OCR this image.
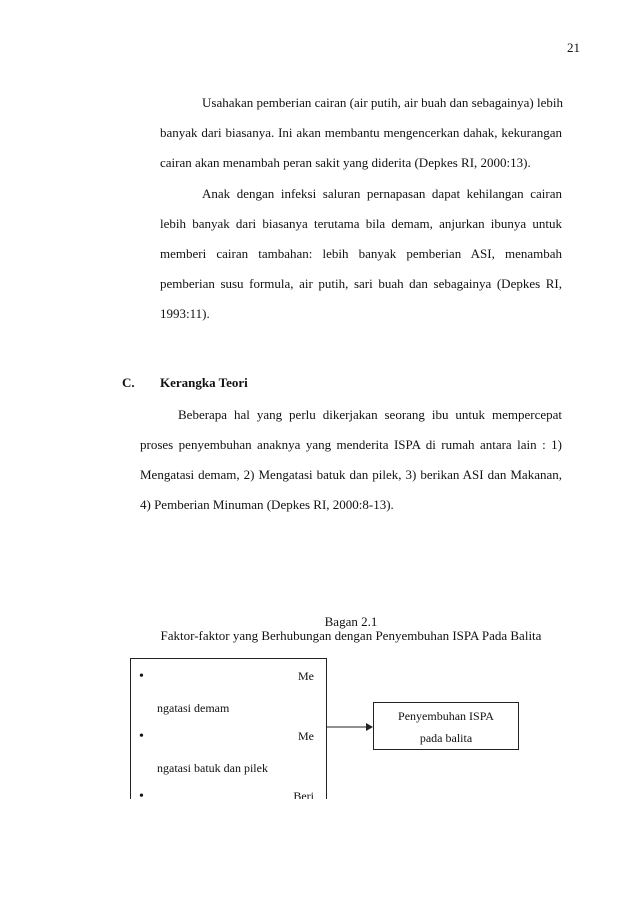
21
Usahakan pemberian cairan (air putih, air buah dan sebagainya) lebih
banyak dari biasanya. Ini akan membantu mengencerkan dahak, kekurangan
cairan akan menambah peran sakit yang diderita (Depkes RI, 2000:13).
Anak dengan infeksi saluran pernapasan dapat kehilangan cairan
lebih banyak dari biasanya terutama bila demam, anjurkan ibunya untuk
memberi cairan tambahan: lebih banyak pemberian ASI, menambah
pemberian susu formula, air putih, sari buah dan sebagainya (Depkes RI,
1993:11).
C. Kerangka Teori
Beberapa hal yang perlu dikerjakan seorang ibu untuk mempercepat
proses penyembuhan anaknya yang menderita ISPA di rumah antara lain : 1)
Mengatasi demam, 2) Mengatasi batuk dan pilek, 3) berikan ASI dan Makanan,
4) Pemberian Minuman (Depkes RI, 2000:8-13).
Bagan 2.1
Faktor-faktor yang Berhubungan dengan Penyembuhan ISPA Pada Balita
•	Me
ngatasi demam
•	Me
ngatasi batuk dan pilek
•	Beri
Penyembuhan ISPA
pada balita
